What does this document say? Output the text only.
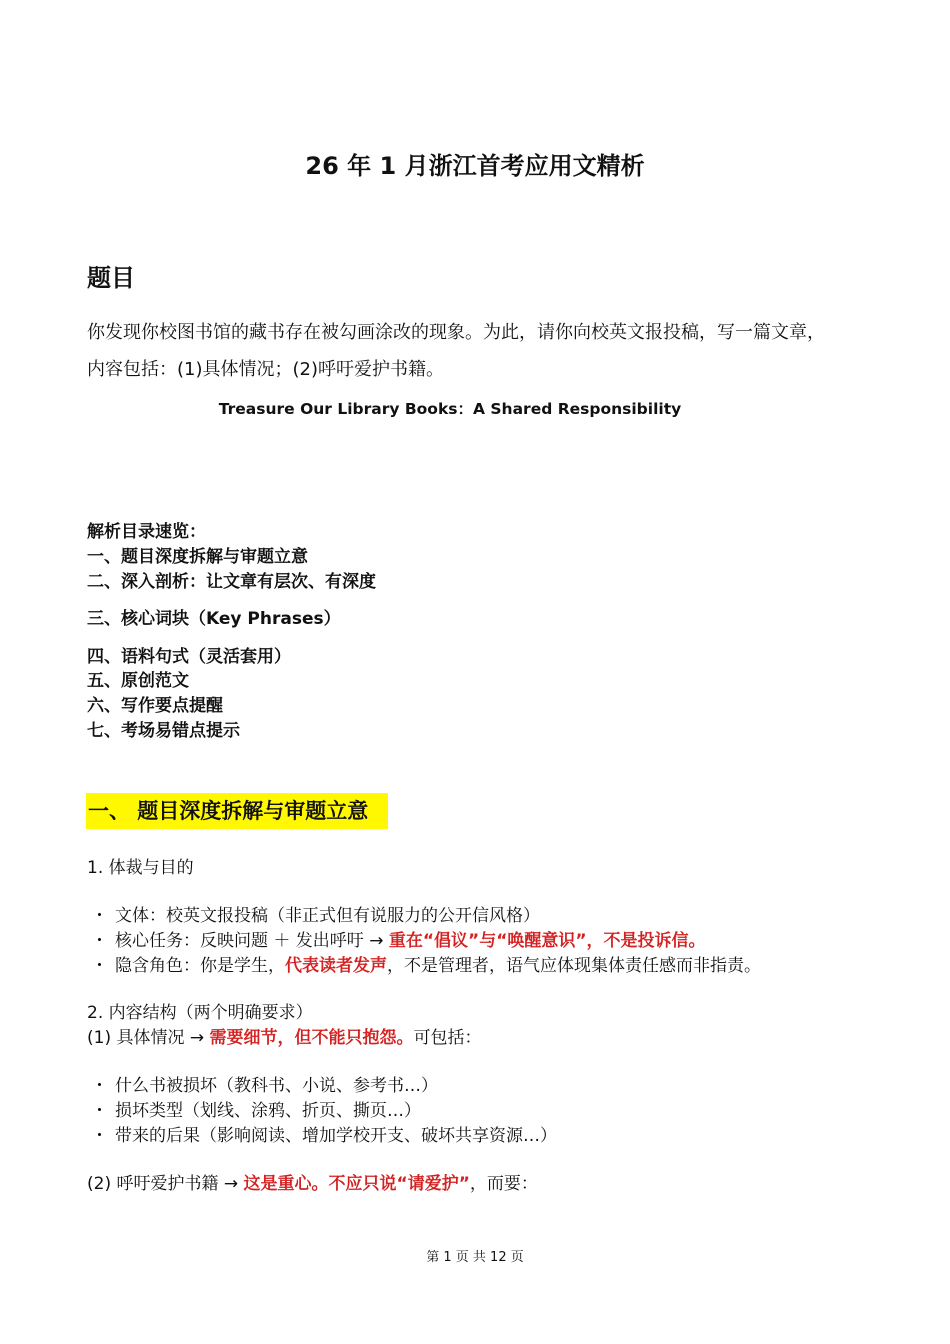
26 年 1 月浙江首考应用文精析
题目
你发现你校图书馆的藏书存在被勾画涂改的现象。为此，请你向校英文报投稿，写一篇文章，
内容包括：(1)具体情况；(2)呼吁爱护书籍。
Treasure Our Library Books：A Shared Responsibility
解析目录速览：
一、题目深度拆解与审题立意
二、深入剖析：让文章有层次、有深度
三、核心词块（Key Phrases）
四、语料句式（灵活套用）
五、原创范文
六、写作要点提醒
七、考场易错点提示
一、 题目深度拆解与审题立意
1. 体裁与目的
・ 文体：校英文报投稿（非正式但有说服力的公开信风格）
・ 核心任务：反映问题 ＋ 发出呼吁 → 重在“倡议”与“唤醒意识”，不是投诉信。
・ 隐含角色：你是学生，代表读者发声，不是管理者，语气应体现集体责任感而非指责。
2. 内容结构（两个明确要求）
(1) 具体情况 → 需要细节，但不能只抱怨。可包括：
・ 什么书被损坏（教科书、小说、参考书…）
・ 损坏类型（划线、涂鸦、折页、撕页…）
・ 带来的后果（影响阅读、增加学校开支、破坏共享资源…）
(2) 呼吁爱护书籍 → 这是重心。不应只说“请爱护”，而要：
第 1 页 共 12 页
